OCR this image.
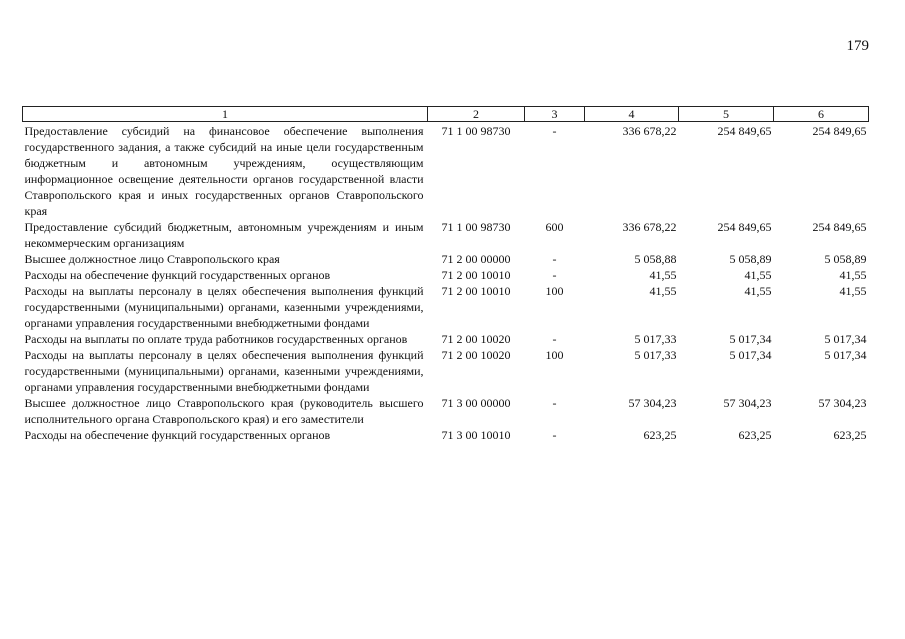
179
1	2	3	4	5	6
Предоставление субсидий на финансовое обеспечение выполнения государственного задания, а также субсидий на иные цели государственным бюджетным и автономным учреждениям, осуществляющим информационное освещение деятельности органов государственной власти Ставропольского края и иных государственных органов Ставропольского края	71 1 00 98730	-	336 678,22	254 849,65	254 849,65
Предоставление субсидий бюджетным, автономным учреждениям и иным некоммерческим организациям	71 1 00 98730	600	336 678,22	254 849,65	254 849,65
Высшее должностное лицо Ставропольского края	71 2 00 00000	-	5 058,88	5 058,89	5 058,89
Расходы на обеспечение функций государственных органов	71 2 00 10010	-	41,55	41,55	41,55
Расходы на выплаты персоналу в целях обеспечения выполнения функций государственными (муниципальными) органами, казенными учреждениями, органами управления государственными внебюджетными фондами	71 2 00 10010	100	41,55	41,55	41,55
Расходы на выплаты по оплате труда работников государственных органов	71 2 00 10020	-	5 017,33	5 017,34	5 017,34
Расходы на выплаты персоналу в целях обеспечения выполнения функций государственными (муниципальными) органами, казенными учреждениями, органами управления государственными внебюджетными фондами	71 2 00 10020	100	5 017,33	5 017,34	5 017,34
Высшее должностное лицо Ставропольского края (руководитель высшего исполнительного органа Ставропольского края) и его заместители	71 3 00 00000	-	57 304,23	57 304,23	57 304,23
Расходы на обеспечение функций государственных органов	71 3 00 10010	-	623,25	623,25	623,25
